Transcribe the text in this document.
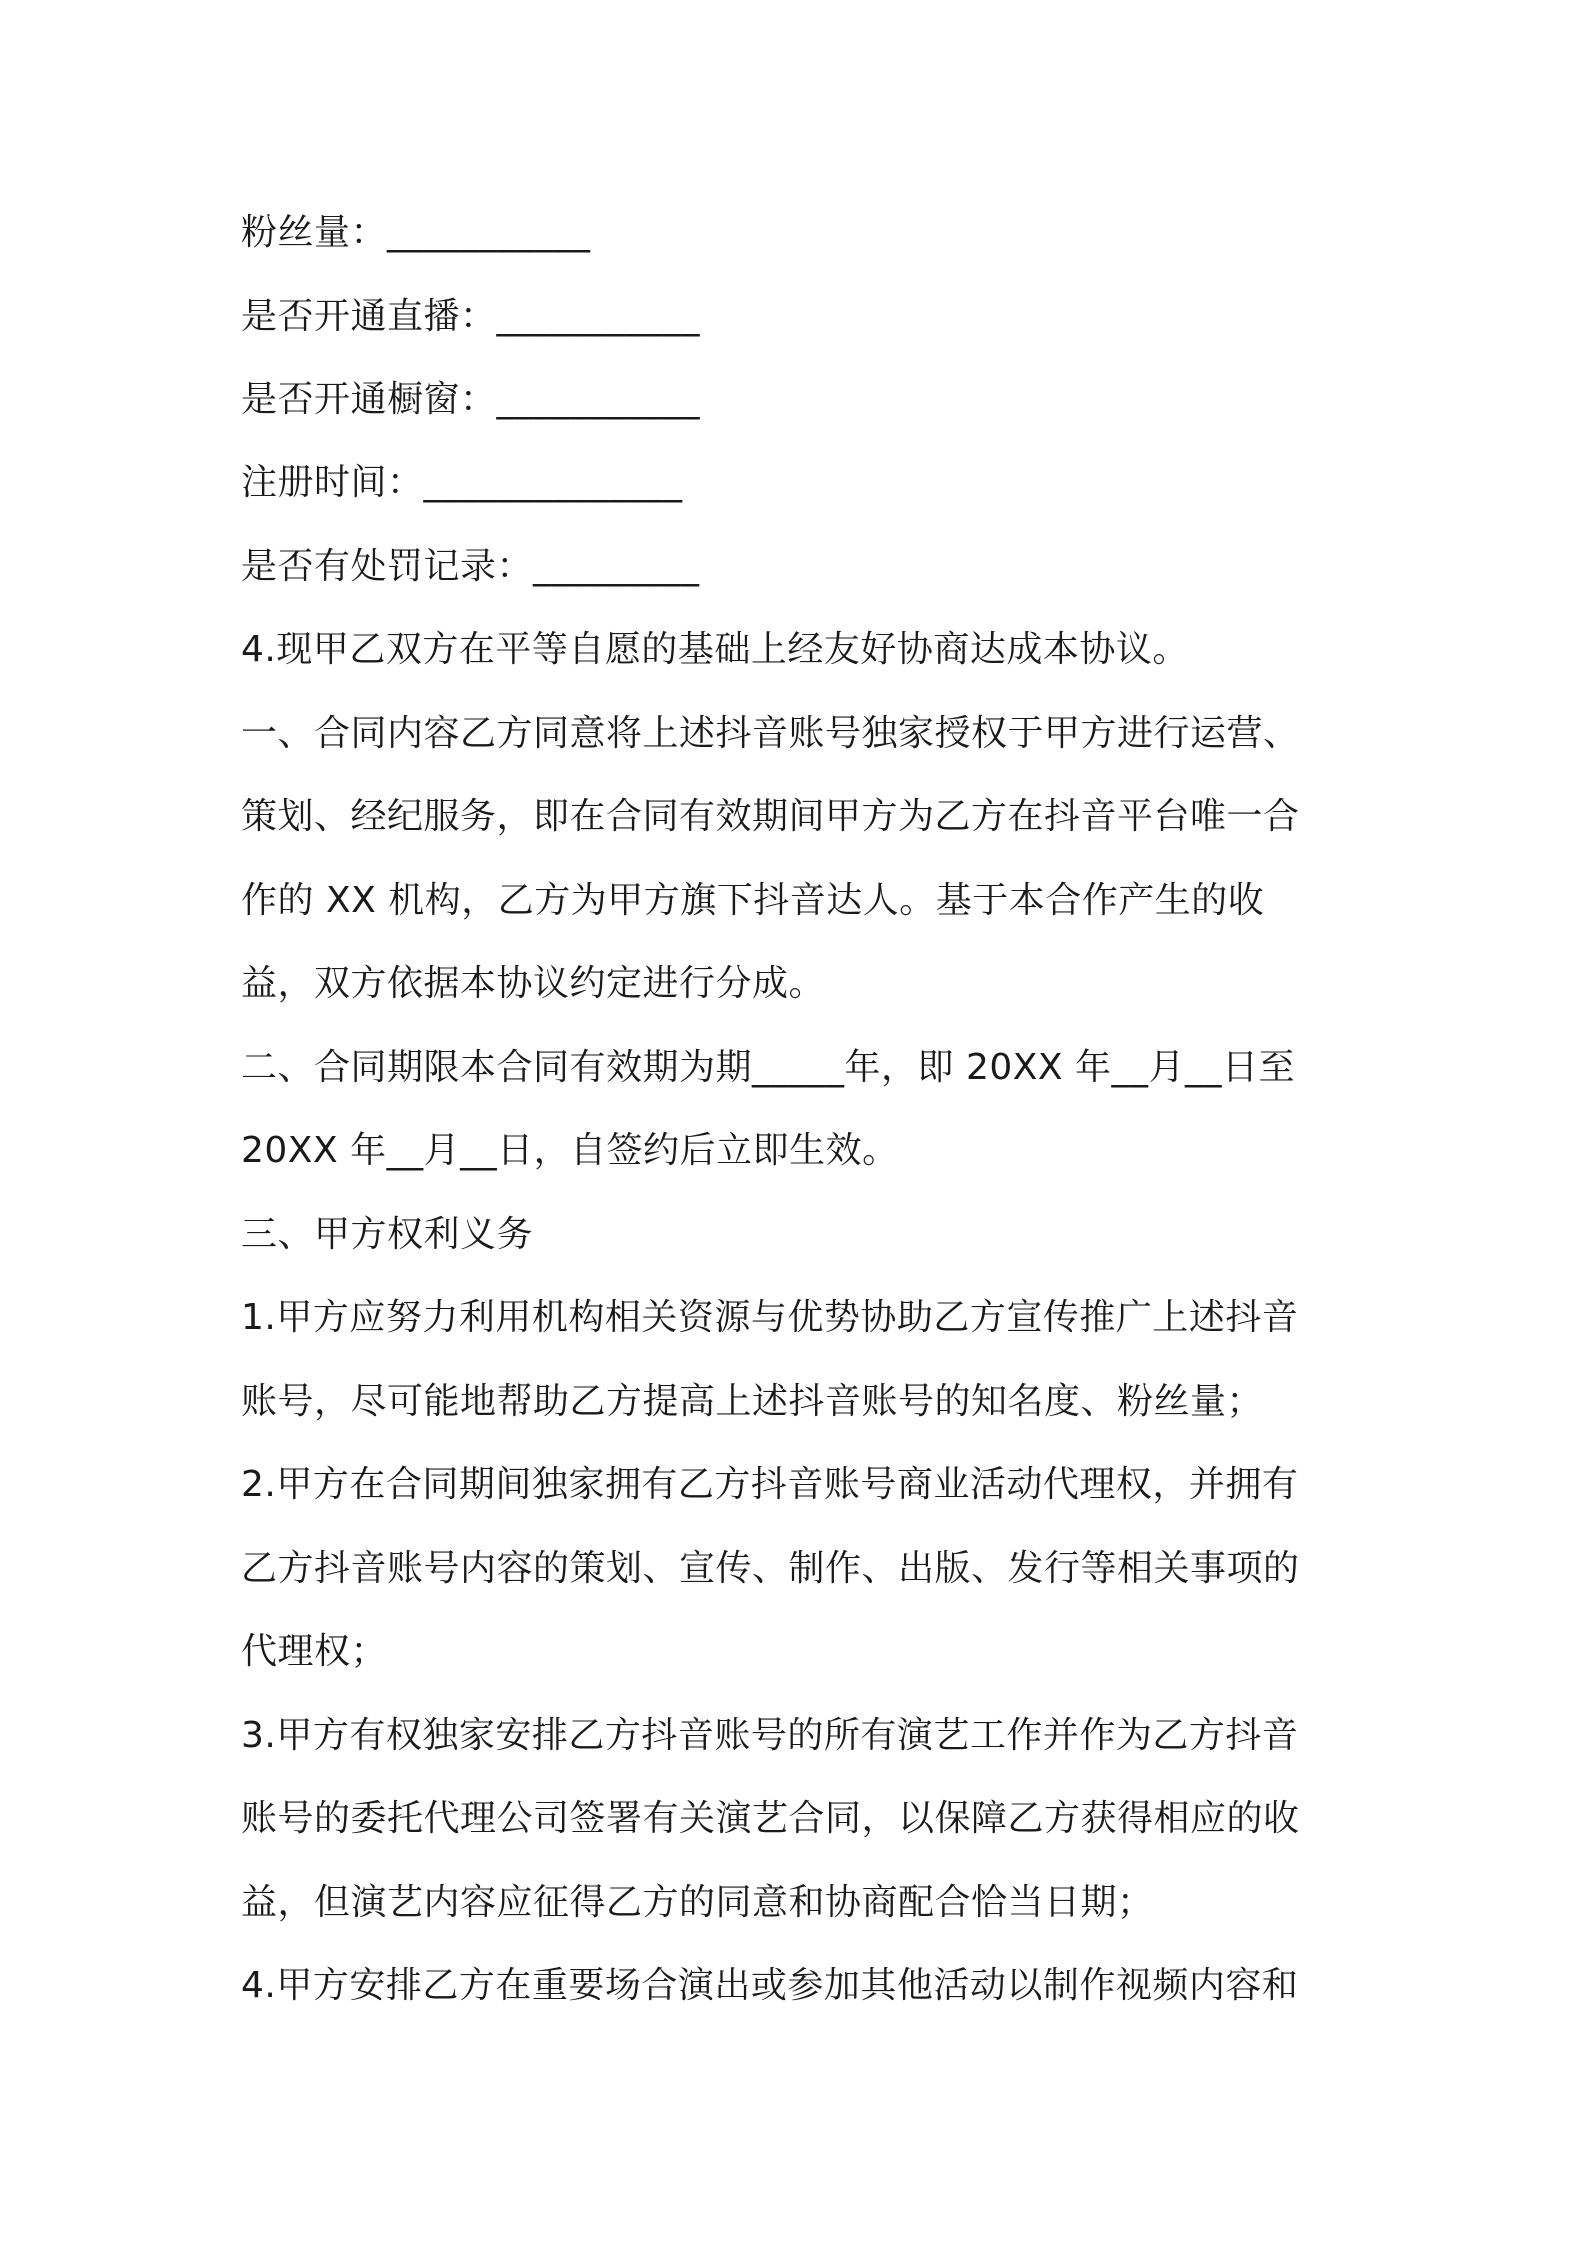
粉丝量：___________
是否开通直播：___________
是否开通橱窗：___________
注册时间：______________
是否有处罚记录：_________
4.现甲乙双方在平等自愿的基础上经友好协商达成本协议。
一、合同内容乙方同意将上述抖音账号独家授权于甲方进行运营、
策划、经纪服务，即在合同有效期间甲方为乙方在抖音平台唯一合
作的 XX 机构，乙方为甲方旗下抖音达人。基于本合作产生的收
益，双方依据本协议约定进行分成。
二、合同期限本合同有效期为期_____年，即 20XX 年__月__日至
20XX 年__月__日，自签约后立即生效。
三、甲方权利义务
1.甲方应努力利用机构相关资源与优势协助乙方宣传推广上述抖音
账号，尽可能地帮助乙方提高上述抖音账号的知名度、粉丝量；
2.甲方在合同期间独家拥有乙方抖音账号商业活动代理权，并拥有
乙方抖音账号内容的策划、宣传、制作、出版、发行等相关事项的
代理权；
3.甲方有权独家安排乙方抖音账号的所有演艺工作并作为乙方抖音
账号的委托代理公司签署有关演艺合同，以保障乙方获得相应的收
益，但演艺内容应征得乙方的同意和协商配合恰当日期；
4.甲方安排乙方在重要场合演出或参加其他活动以制作视频内容和
